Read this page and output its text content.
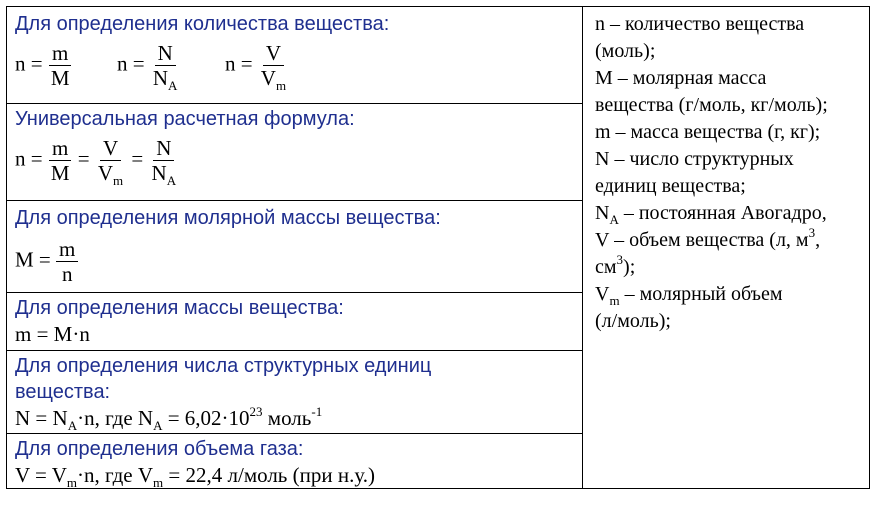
Для определения количества вещества:
$n = \frac{m}{M}$ $n = \frac{N}{N_A}$ $n = \frac{V}{V_m}$
Универсальная расчетная формула:
$n = \frac{m}{M} = \frac{V}{V_m} = \frac{N}{N_A}$
Для определения молярной массы вещества:
$M = \frac{m}{n}$
Для определения массы вещества:
m = M·n
Для определения числа структурных единиц
вещества:
$N = N_A\cdot n$, где $N_A = 6,02\cdot 10^{23}$ моль$^{-1}$
Для определения объема газа:
$V = V_m\cdot n$, где $V_m = 22,4$ л/моль (при н.у.)
n – количество вещества
(моль);
M – молярная масса
вещества (г/моль, кг/моль);
m – масса вещества (г, кг);
N – число структурных
единиц вещества;
$N_A$ – постоянная Авогадро,
V – объем вещества (л, $м^3$,
$см^3$);
$V_m$ – молярный объем
(л/моль);
